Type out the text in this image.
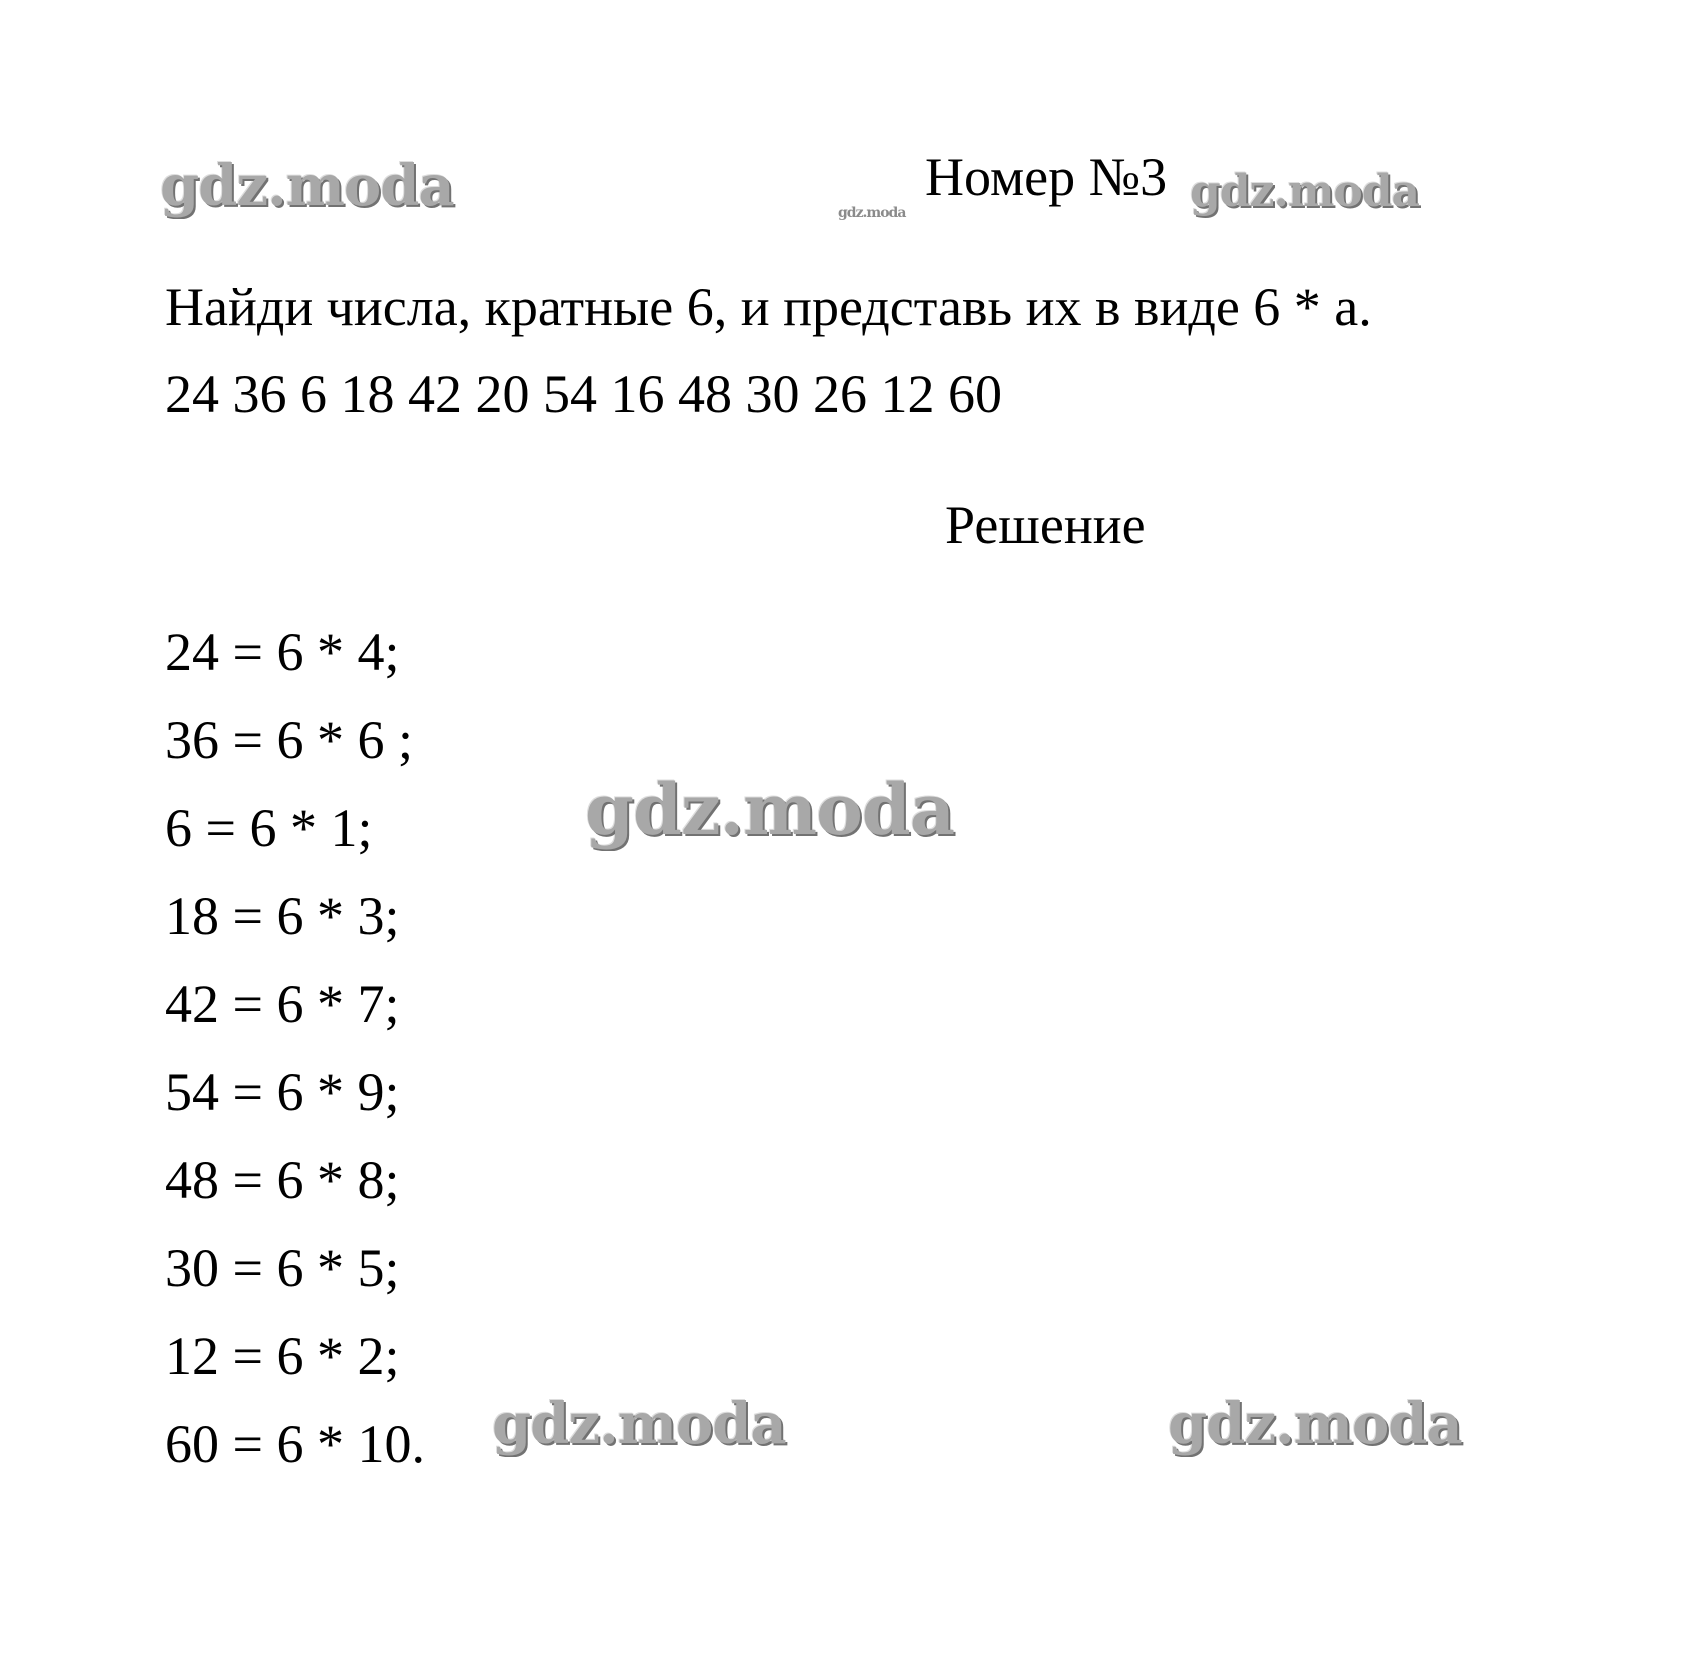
gdz.moda	gdz.moda
Номер №3 gdz.moda
Найди числа, кратные 6, и представь их в виде 6 * а.
24 36 6 18 42 20 54 16 48 30 26 12 60
Решение
24 = 6 * 4;
36 = 6 * 6 ;
6 = 6 * 1;
18 = 6 * 3;
42 = 6 * 7;
54 = 6 * 9;
48 = 6 * 8;
30 = 6 * 5;
12 = 6 * 2;
60 = 6 * 10.
gdz.moda
gdz.moda	gdz.moda
